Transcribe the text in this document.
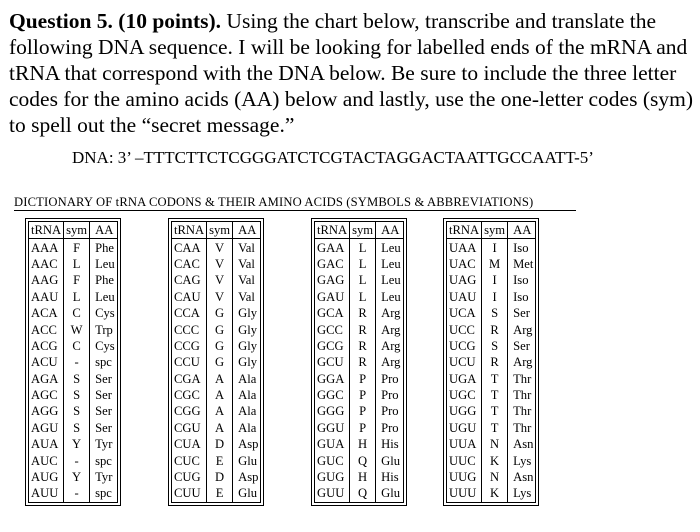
Question 5. (10 points). Using the chart below, transcribe and translate the following DNA sequence. I will be looking for labelled ends of the mRNA and tRNA that correspond with the DNA below. Be sure to include the three letter codes for the amino acids (AA) below and lastly, use the one-letter codes (sym) to spell out the “secret message.”

DNA: 3’ –TTTCTTCTCGGGATCTCGTACTAGGACTAATTGCCAATT-5’
DICTIONARY OF tRNA CODONS & THEIR AMINO ACIDS (SYMBOLS & ABBREVIATIONS)
tRNA	sym	AA
AAA	F	Phe
AAC	L	Leu
AAG	F	Phe
AAU	L	Leu
ACA	C	Cys
ACC	W	Trp
ACG	C	Cys
ACU	-	spc
AGA	S	Ser
AGC	S	Ser
AGG	S	Ser
AGU	S	Ser
AUA	Y	Tyr
AUC	-	spc
AUG	Y	Tyr
AUU	-	spc
tRNA	sym	AA
CAA	V	Val
CAC	V	Val
CAG	V	Val
CAU	V	Val
CCA	G	Gly
CCC	G	Gly
CCG	G	Gly
CCU	G	Gly
CGA	A	Ala
CGC	A	Ala
CGG	A	Ala
CGU	A	Ala
CUA	D	Asp
CUC	E	Glu
CUG	D	Asp
CUU	E	Glu
tRNA	sym	AA
GAA	L	Leu
GAC	L	Leu
GAG	L	Leu
GAU	L	Leu
GCA	R	Arg
GCC	R	Arg
GCG	R	Arg
GCU	R	Arg
GGA	P	Pro
GGC	P	Pro
GGG	P	Pro
GGU	P	Pro
GUA	H	His
GUC	Q	Glu
GUG	H	His
GUU	Q	Glu
tRNA	sym	AA
UAA	I	Iso
UAC	M	Met
UAG	I	Iso
UAU	I	Iso
UCA	S	Ser
UCC	R	Arg
UCG	S	Ser
UCU	R	Arg
UGA	T	Thr
UGC	T	Thr
UGG	T	Thr
UGU	T	Thr
UUA	N	Asn
UUC	K	Lys
UUG	N	Asn
UUU	K	Lys
